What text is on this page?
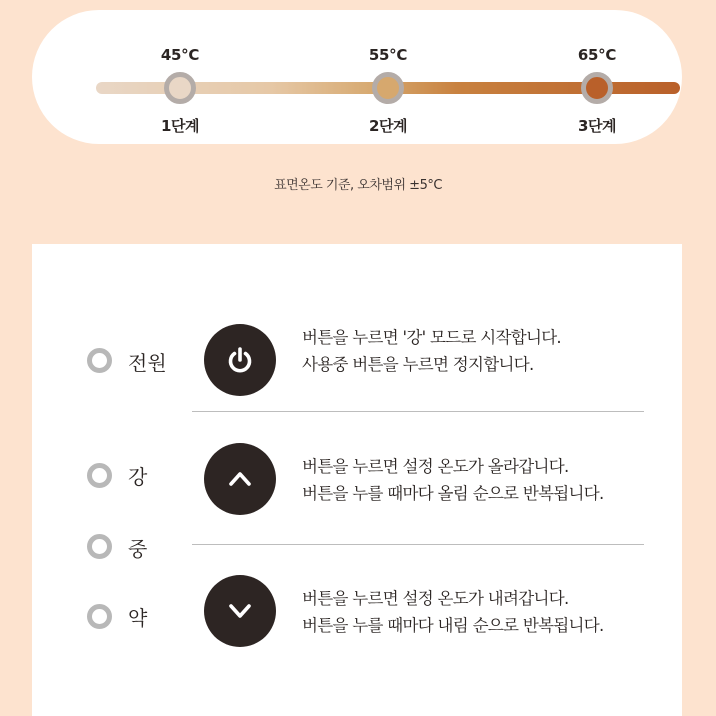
45°C
1단계
55°C
2단계
65°C
3단계
표면온도 기준, 오차범위 ±5°C
전원
버튼을 누르면 '강' 모드로 시작합니다.
사용중 버튼을 누르면 정지합니다.
강	버튼을 누르면 설정 온도가 올라갑니다.
버튼을 누를 때마다 올림 순으로 반복됩니다.
중
약
버튼을 누르면 설정 온도가 내려갑니다.
버튼을 누를 때마다 내림 순으로 반복됩니다.
